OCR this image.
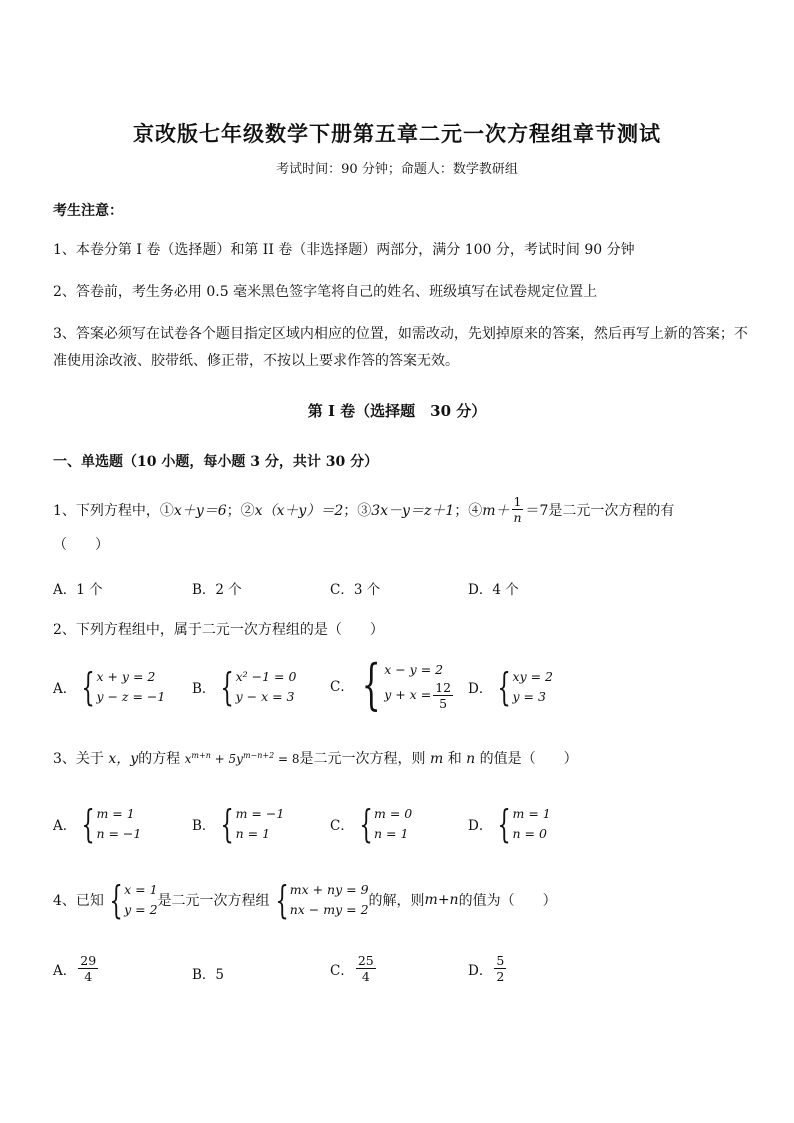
京改版七年级数学下册第五章二元一次方程组章节测试
考试时间：90 分钟；命题人：数学教研组
考生注意：
1、本卷分第 I 卷（选择题）和第 II 卷（非选择题）两部分，满分 100 分，考试时间 90 分钟
2、答卷前，考生务必用 0.5 毫米黑色签字笔将自己的姓名、班级填写在试卷规定位置上
3、答案必须写在试卷各个题目指定区域内相应的位置，如需改动，先划掉原来的答案，然后再写上新的答案；不准使用涂改液、胶带纸、修正带，不按以上要求作答的答案无效。
第 I 卷（选择题　30 分）
一、单选题（10 小题，每小题 3 分，共计 30 分）
1、下列方程中，① x＋y＝6 ；② x（x＋y）＝2 ；③ 3x－y＝z＋1 ；④ $m+ \frac{1}{n} =7$ 是二元一次方程的有
（　　）
A．1 个	B．2 个	C．3 个	D．4 个
2、下列方程组中，属于二元一次方程组的是（　　）
A． { x + y = 2
y − z = −1 B． { x² −1 = 0
y − x = 3
C． { x − y = 2
$y + x = \frac{12}{5}$ D． { xy = 2
y = 3
3、关于 x，y的方程 $x^{m+n} + 5y^{m-n+2} = 8$是二元一次方程，则 m 和 n 的值是（　　）
A． { m = 1
n = −1	B． { m = −1
n = 1	C． { m = 0
n = 1	D． { m = 1
n = 0
4、已知 { x = 1
y = 2
是二元一次方程组 { mx + ny = 9
nx − my = 2
的解，则 m+n 的值为（　　）
A． $\frac{29}{4}$	B．5	C． $\frac{25}{4}$	D． $\frac{5}{2}$
